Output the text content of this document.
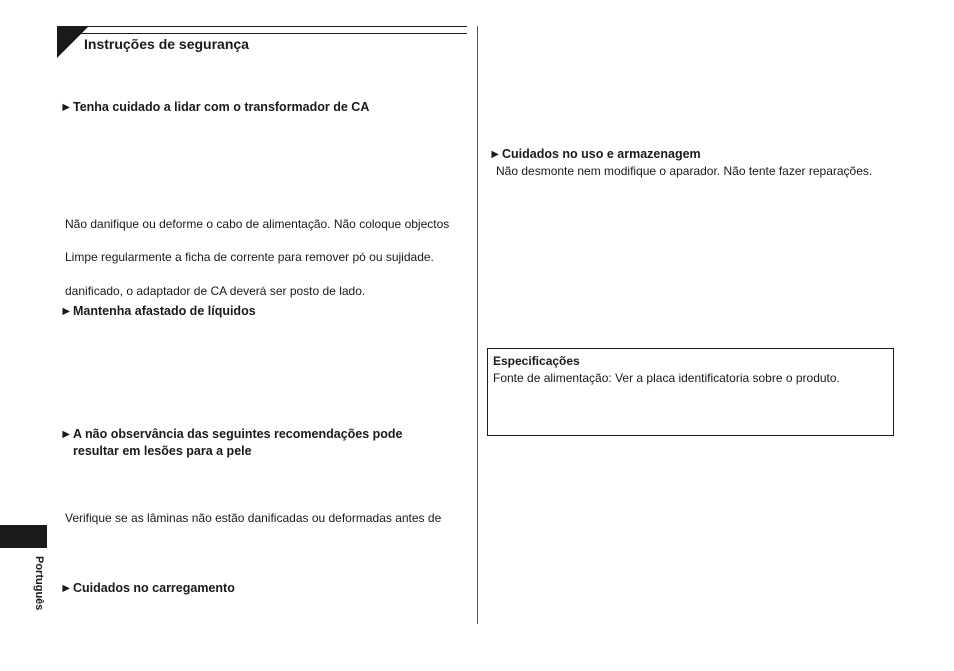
Instruções de segurança
►Tenha cuidado a lidar com o transformador de CA
Não danifique ou deforme o cabo de alimentação. Não coloque objectos
Limpe regularmente a ficha de corrente para remover pó ou sujidade.
danificado, o adaptador de CA deverá ser posto de lado.
►Mantenha afastado de líquidos
►A não observância das seguintes recomendações pode
resultar em lesões para a pele
Verifique se as lâminas não estão danificadas ou deformadas antes de
►Cuidados no carregamento
►Cuidados no uso e armazenagem
Não desmonte nem modifique o aparador. Não tente fazer reparações.
Especificações
Fonte de alimentação: Ver a placa identificatoria sobre o produto.
Português
